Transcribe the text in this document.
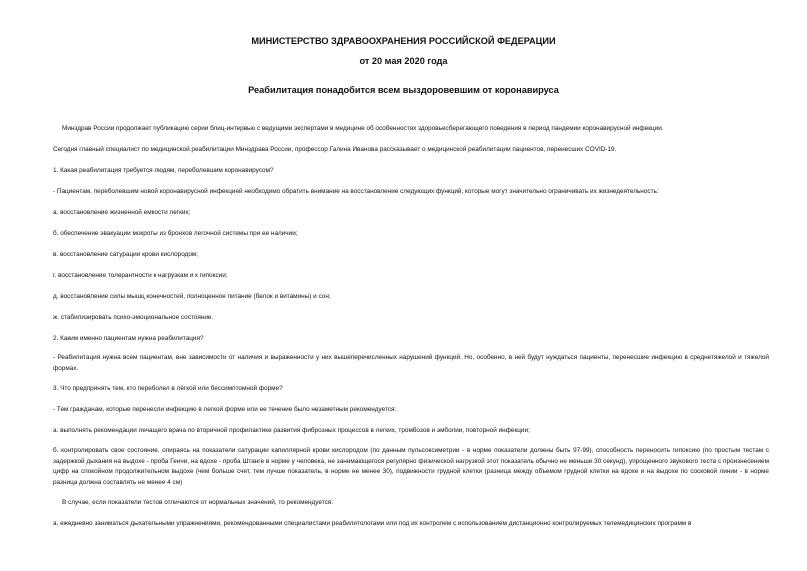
МИНИСТЕРСТВО ЗДРАВООХРАНЕНИЯ РОССИЙСКОЙ ФЕДЕРАЦИИ
от 20 мая 2020 года
Реабилитация понадобится всем выздоровевшим от коронавируса
Минздрав России продолжает публикацию серии блиц-интервью с ведущими экспертами в медицине об особенностях здоровьесберегающего поведения в период пандемии коронавирусной инфекции.
Сегодня главный специалист по медицинской реабилитации Минздрава России, профессор Галина Иванова рассказывает о медицинской реабилитации пациентов, перенесших COVID-19.
1. Какая реабилитация требуется людям, переболевшим коронавирусом?
- Пациентам, переболевшим новой коронавирусной инфекцией необходимо обратить внимание на восстановление следующих функций, которые могут значительно ограничивать их жизнедеятельность:
а. восстановление жизненной емкости легких;
б. обеспечение эвакуации мокроты из бронхов легочной системы при ее наличии;
в. восстановление сатурации крови кислородом;
г. восстановление толерантности к нагрузкам и к гипоксии;
д. восстановление силы мышц конечностей, полноценное питание (белок и витамины) и сон;
ж. стабилизировать психо-эмоциональное состояние.
2. Каким именно пациентам нужна реабилитация?
- Реабилитация нужна всем пациентам, вне зависимости от наличия и выраженности у них вышеперечисленных нарушений функций. Но, особенно, в ней будут нуждаться пациенты, перенесшие инфекцию в среднетяжелой и тяжелой формах.
3. Что предпринять тем, кто переболел в лёгкой или бессимптомной форме?
- Тем гражданам, которые перенесли инфекцию в легкой форме или ее течение было незаметным рекомендуется:
а. выполнять рекомендации лечащего врача по вторичной профилактике развития фиброзных процессов в легких, тромбозов и эмболии, повторной инфекции;
б. контролировать свое состояние, опираясь на показатели сатурации капиллярной крови кислородом (по данным пульсоксиметрии - в норме показатели должны быть 97-99), способность переносить гипоксию (по простым тестам с задержкой дыхания на выдохе - проба Генчи, на вдохе - проба Штанге в норме у человека, не занимающегося регулярно физической нагрузкой этот показатель обычно не меньше 30 секунд), упрощенного звукового теста с произнесением цифр на спокойном продолжительном выдохе (чем больше счет, тем лучше показатель, в норме не менее 30), подвижности грудной клетки (разница между объемом грудной клетки на вдохе и на выдохе по сосковой линии - в норме разница должна составлять не менее 4 см)
В случае, если показатели тестов отличаются от нормальных значений, то рекомендуется:
а. ежедневно заниматься дыхательными упражнениями, рекомендованными специалистами реабилитологами или под их контролем с использованием дистанционно контролируемых телемедицинских программ в
